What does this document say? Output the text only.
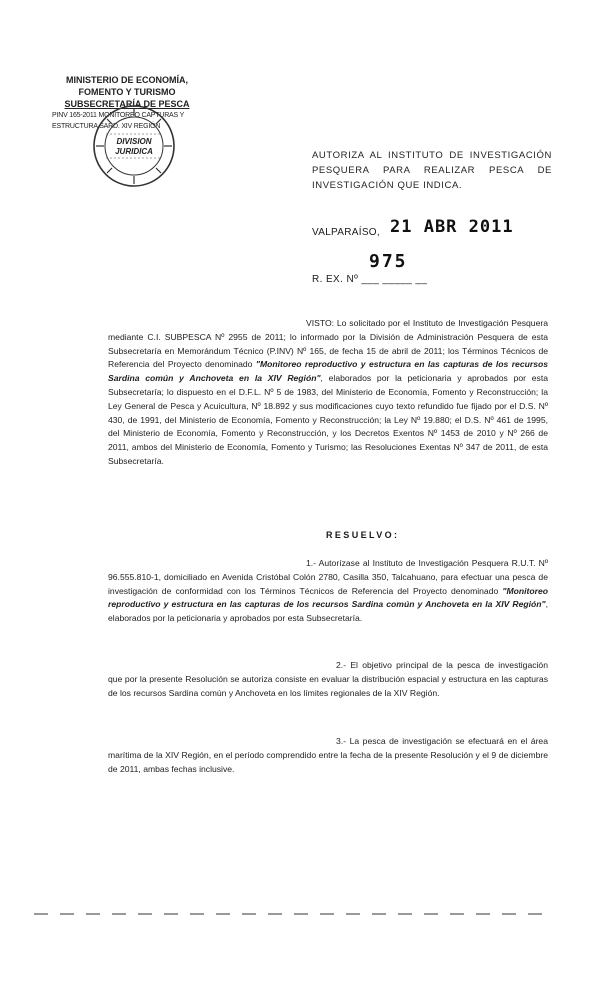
MINISTERIO DE ECONOMÍA,
FOMENTO Y TURISMO
SUBSECRETARÍA DE PESCA
PINV 165-2011 MONITOREO CAPTURAS Y
ESTRUCTURA SARD. XIV REGIÓN
DIVISION
JURIDICA	AUTORIZA AL INSTITUTO DE INVESTIGACIÓN PESQUERA PARA REALIZAR PESCA DE INVESTIGACIÓN QUE INDICA.
VALPARAÍSO, 21 ABR 2011
975
R. EX. Nº ___ _____ __
VISTO: Lo solicitado por el Instituto de Investigación Pesquera mediante C.I. SUBPESCA Nº 2955 de 2011; lo informado por la División de Administración Pesquera de esta Subsecretaría en Memorándum Técnico (P.INV) Nº 165, de fecha 15 de abril de 2011; los Términos Técnicos de Referencia del Proyecto denominado "Monitoreo reproductivo y estructura en las capturas de los recursos Sardina común y Anchoveta en la XIV Región", elaborados por la peticionaria y aprobados por esta Subsecretaría; lo dispuesto en el D.F.L. Nº 5 de 1983, del Ministerio de Economía, Fomento y Reconstrucción; la Ley General de Pesca y Acuicultura, Nº 18.892 y sus modificaciones cuyo texto refundido fue fijado por el D.S. Nº 430, de 1991, del Ministerio de Economía, Fomento y Reconstrucción; la Ley Nº 19.880; el D.S. Nº 461 de 1995, del Ministerio de Economía, Fomento y Reconstrucción, y los Decretos Exentos Nº 1453 de 2010 y Nº 266 de 2011, ambos del Ministerio de Economía, Fomento y Turismo; las Resoluciones Exentas Nº 347 de 2011, de esta Subsecretaría.
RESUELVO:
1.- Autorízase al Instituto de Investigación Pesquera R.U.T. Nº 96.555.810-1, domiciliado en Avenida Cristóbal Colón 2780, Casilla 350, Talcahuano, para efectuar una pesca de investigación de conformidad con los Términos Técnicos de Referencia del Proyecto denominado "Monitoreo reproductivo y estructura en las capturas de los recursos Sardina común y Anchoveta en la XIV Región", elaborados por la peticionaria y aprobados por esta Subsecretaría.
2.- El objetivo principal de la pesca de investigación que por la presente Resolución se autoriza consiste en evaluar la distribución espacial y estructura en las capturas de los recursos Sardina común y Anchoveta en los límites regionales de la XIV Región.
3.- La pesca de investigación se efectuará en el área marítima de la XIV Región, en el período comprendido entre la fecha de la presente Resolución y el 9 de diciembre de 2011, ambas fechas inclusive.
